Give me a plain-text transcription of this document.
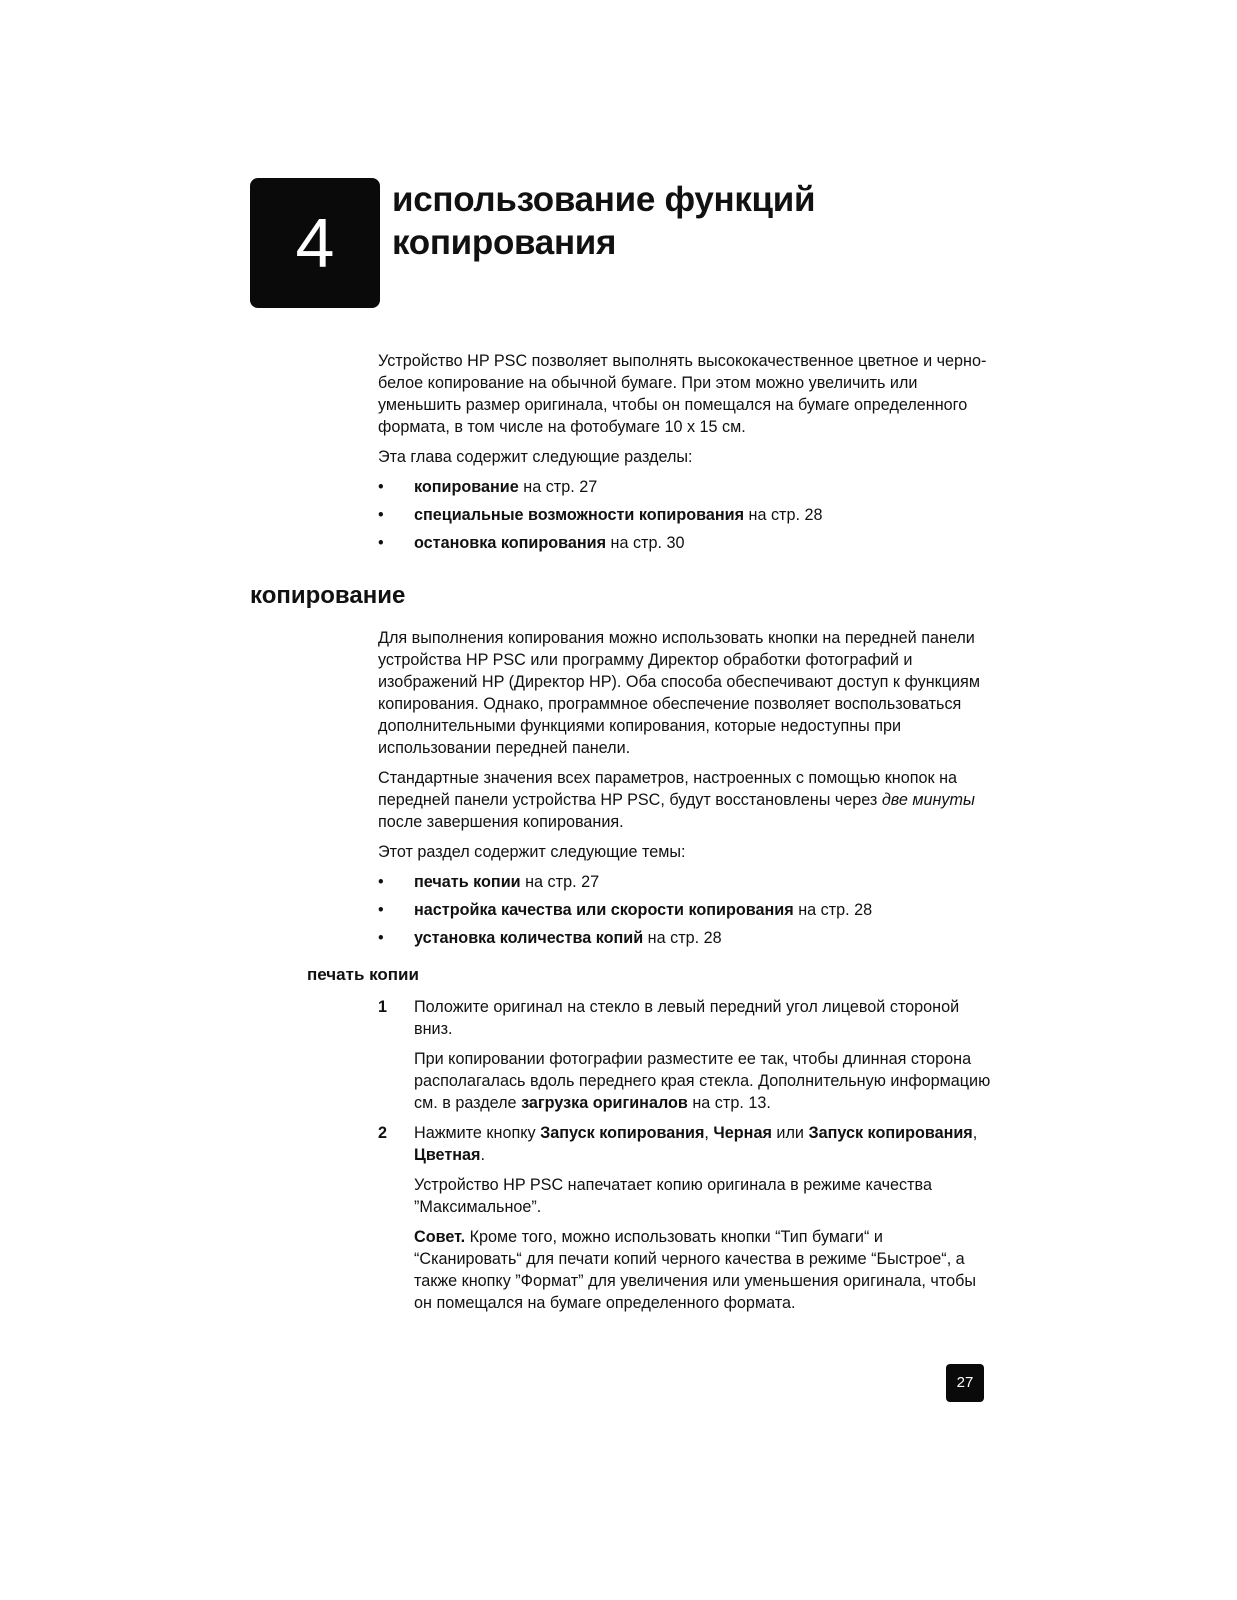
4
использование функций
копирования

Устройство HP PSC позволяет выполнять высококачественное цветное и черно-белое копирование на обычной бумаге. При этом можно увеличить или уменьшить размер оригинала, чтобы он помещался на бумаге определенного формата, в том числе на фотобумаге 10 x 15 см.

Эта глава содержит следующие разделы:

• копирование на стр. 27
• специальные возможности копирования на стр. 28
• остановка копирования на стр. 30
копирование

Для выполнения копирования можно использовать кнопки на передней панели устройства HP PSC или программу Директор обработки фотографий и изображений HP (Директор HP). Оба способа обеспечивают доступ к функциям копирования. Однако, программное обеспечение позволяет воспользоваться дополнительными функциями копирования, которые недоступны при использовании передней панели.

Стандартные значения всех параметров, настроенных с помощью кнопок на передней панели устройства HP PSC, будут восстановлены через две минуты после завершения копирования.

Этот раздел содержит следующие темы:

• печать копии на стр. 27
• настройка качества или скорости копирования на стр. 28
• установка количества копий на стр. 28
печать копии
1 Положите оригинал на стекло в левый передний угол лицевой стороной вниз.

При копировании фотографии разместите ее так, чтобы длинная сторона располагалась вдоль переднего края стекла. Дополнительную информацию см. в разделе загрузка оригиналов на стр. 13.

2 Нажмите кнопку Запуск копирования, Черная или Запуск копирования, Цветная.

Устройство HP PSC напечатает копию оригинала в режиме качества ”Максимальное”.

Совет. Кроме того, можно использовать кнопки “Тип бумаги“ и “Сканировать“ для печати копий черного качества в режиме “Быстрое“, а также кнопку ”Формат” для увеличения или уменьшения оригинала, чтобы он помещался на бумаге определенного формата.

27
